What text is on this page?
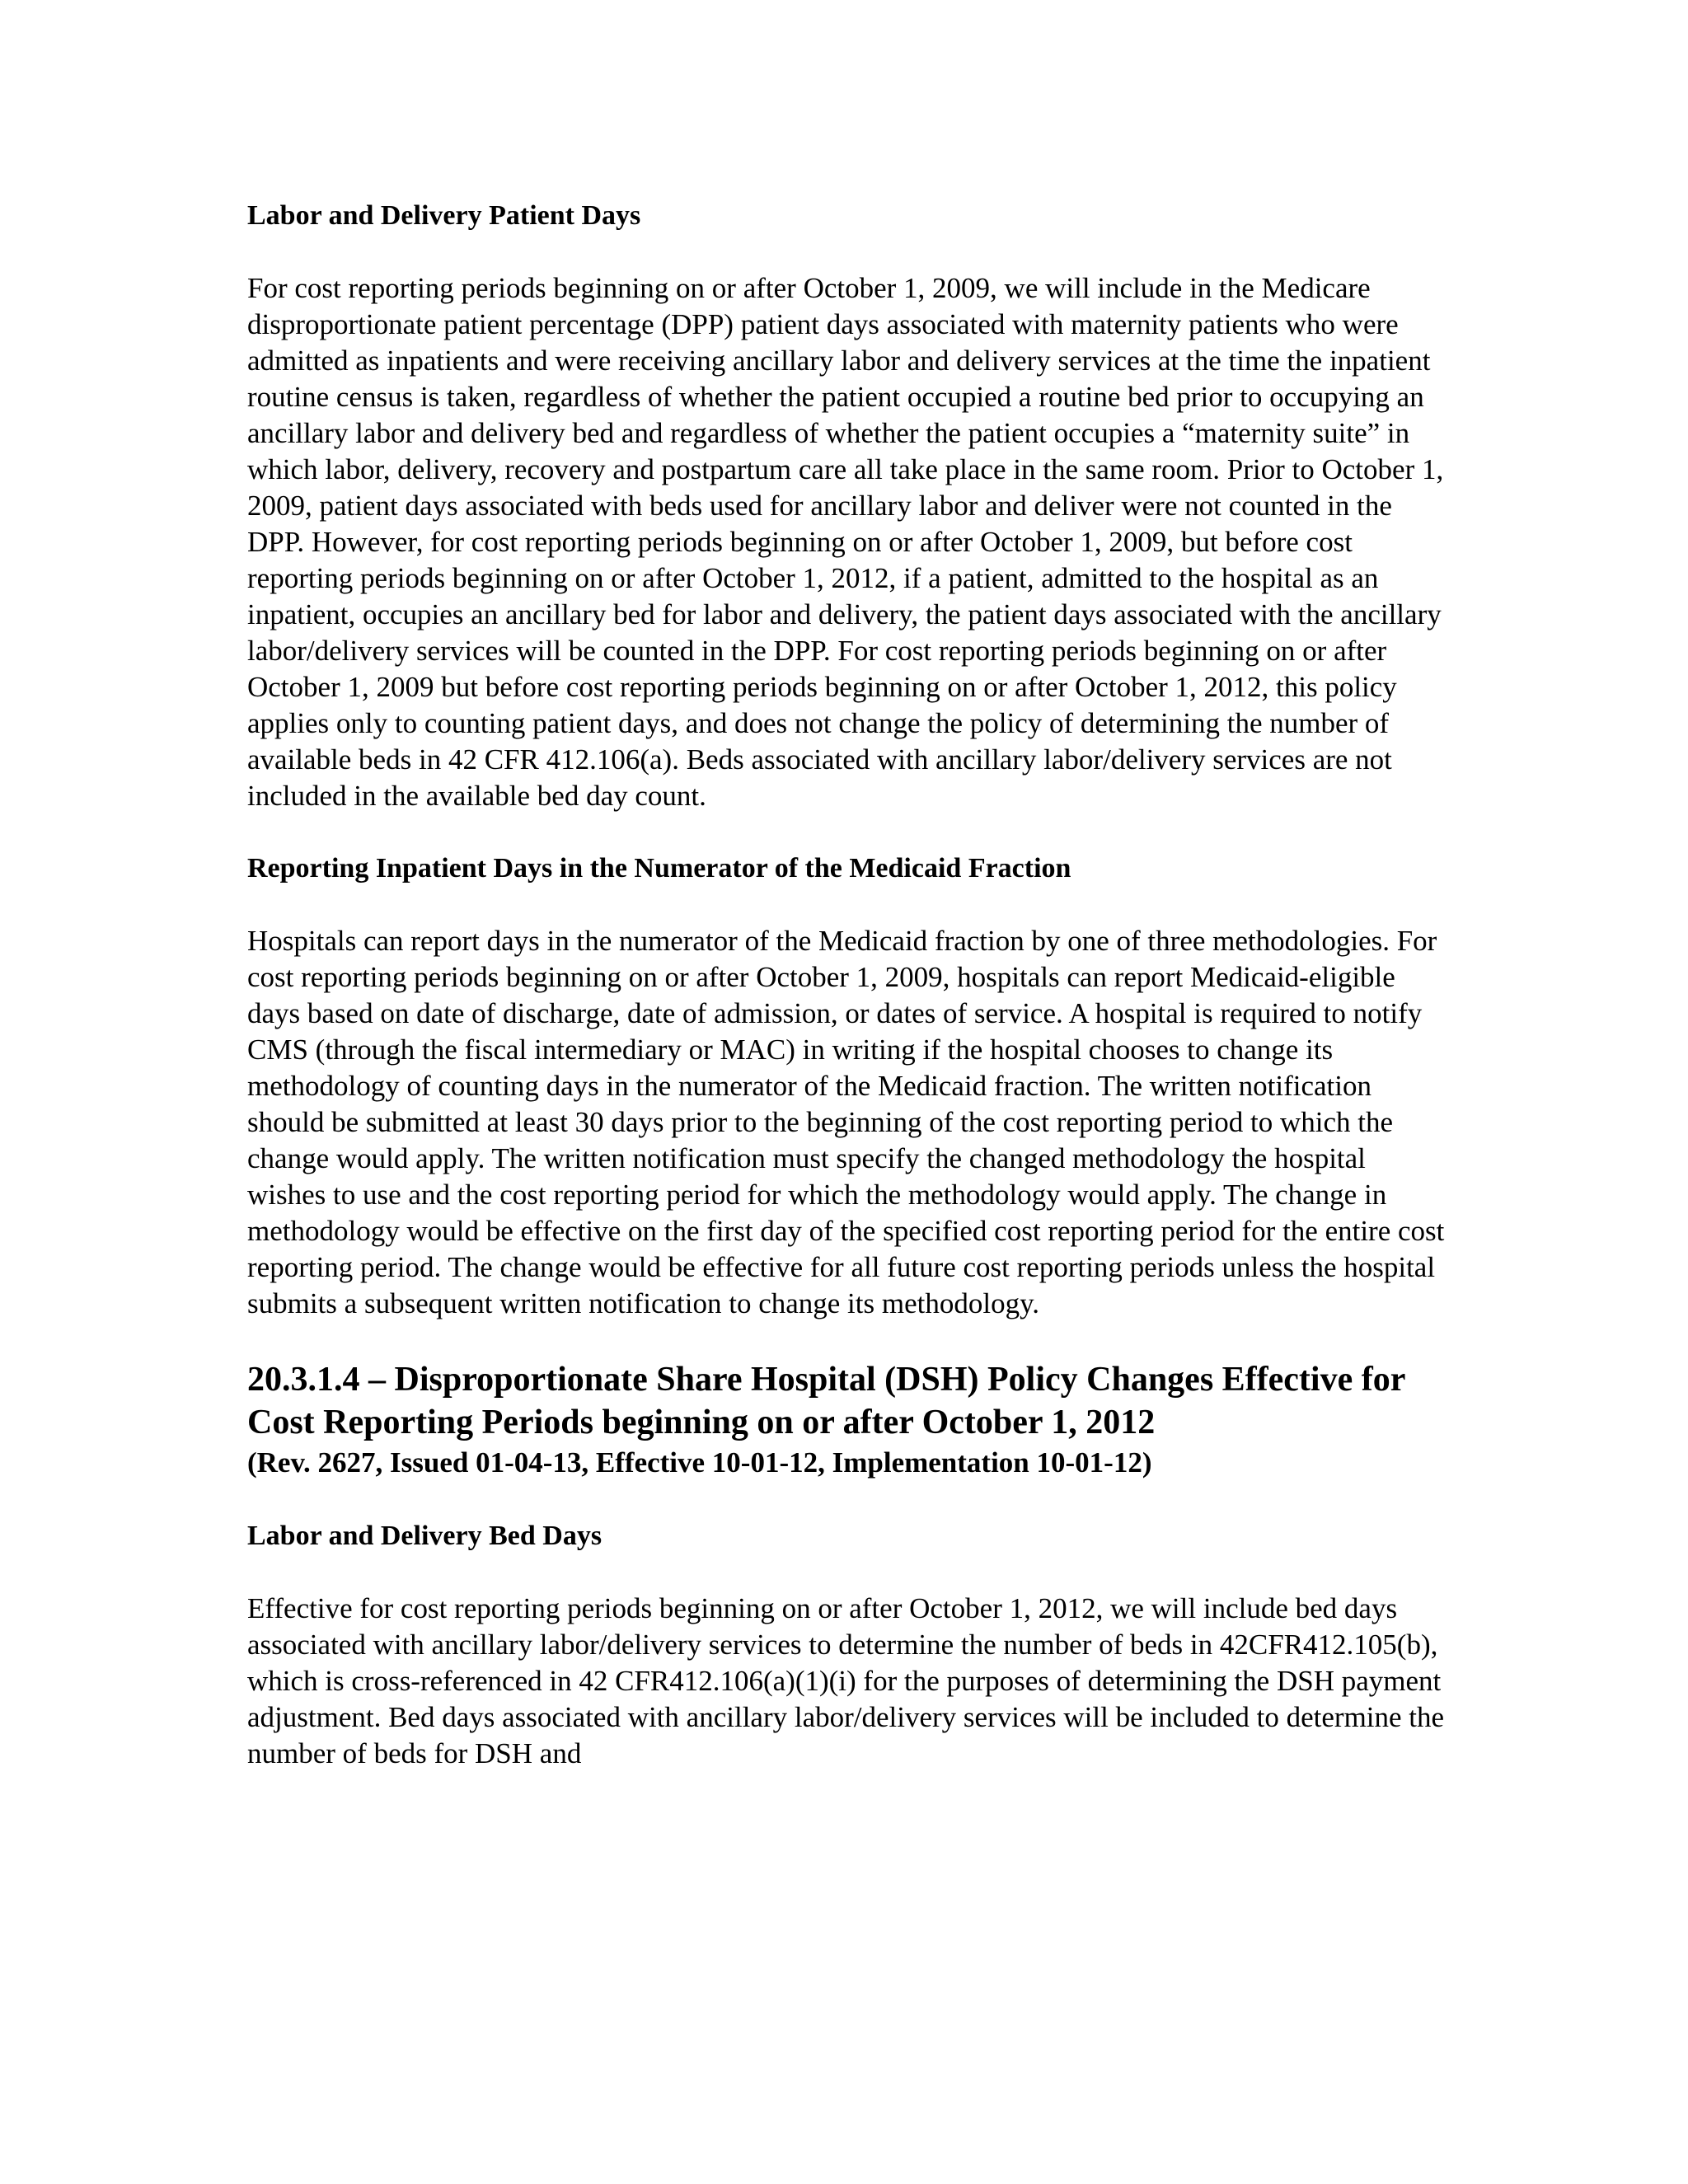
Labor and Delivery Patient Days
For cost reporting periods beginning on or after October 1, 2009, we will include in the Medicare disproportionate patient percentage (DPP) patient days associated with maternity patients who were admitted as inpatients and were receiving ancillary labor and delivery services at the time the inpatient routine census is taken, regardless of whether the patient occupied a routine bed prior to occupying an ancillary labor and delivery bed and regardless of whether the patient occupies a “maternity suite” in which labor, delivery, recovery and postpartum care all take place in the same room. Prior to October 1, 2009, patient days associated with beds used for ancillary labor and deliver were not counted in the DPP. However, for cost reporting periods beginning on or after October 1, 2009, but before cost reporting periods beginning on or after October 1, 2012, if a patient, admitted to the hospital as an inpatient, occupies an ancillary bed for labor and delivery, the patient days associated with the ancillary labor/delivery services will be counted in the DPP. For cost reporting periods beginning on or after October 1, 2009 but before cost reporting periods beginning on or after October 1, 2012, this policy applies only to counting patient days, and does not change the policy of determining the number of available beds in 42 CFR 412.106(a). Beds associated with ancillary labor/delivery services are not included in the available bed day count.
Reporting Inpatient Days in the Numerator of the Medicaid Fraction
Hospitals can report days in the numerator of the Medicaid fraction by one of three methodologies. For cost reporting periods beginning on or after October 1, 2009, hospitals can report Medicaid-eligible days based on date of discharge, date of admission, or dates of service. A hospital is required to notify CMS (through the fiscal intermediary or MAC) in writing if the hospital chooses to change its methodology of counting days in the numerator of the Medicaid fraction. The written notification should be submitted at least 30 days prior to the beginning of the cost reporting period to which the change would apply. The written notification must specify the changed methodology the hospital wishes to use and the cost reporting period for which the methodology would apply. The change in methodology would be effective on the first day of the specified cost reporting period for the entire cost reporting period. The change would be effective for all future cost reporting periods unless the hospital submits a subsequent written notification to change its methodology.
20.3.1.4 – Disproportionate Share Hospital (DSH) Policy Changes Effective for Cost Reporting Periods beginning on or after October 1, 2012
(Rev. 2627, Issued 01-04-13, Effective 10-01-12, Implementation 10-01-12)
Labor and Delivery Bed Days
Effective for cost reporting periods beginning on or after October 1, 2012, we will include bed days associated with ancillary labor/delivery services to determine the number of beds in 42CFR412.105(b), which is cross-referenced in 42 CFR412.106(a)(1)(i) for the purposes of determining the DSH payment adjustment. Bed days associated with ancillary labor/delivery services will be included to determine the number of beds for DSH and
